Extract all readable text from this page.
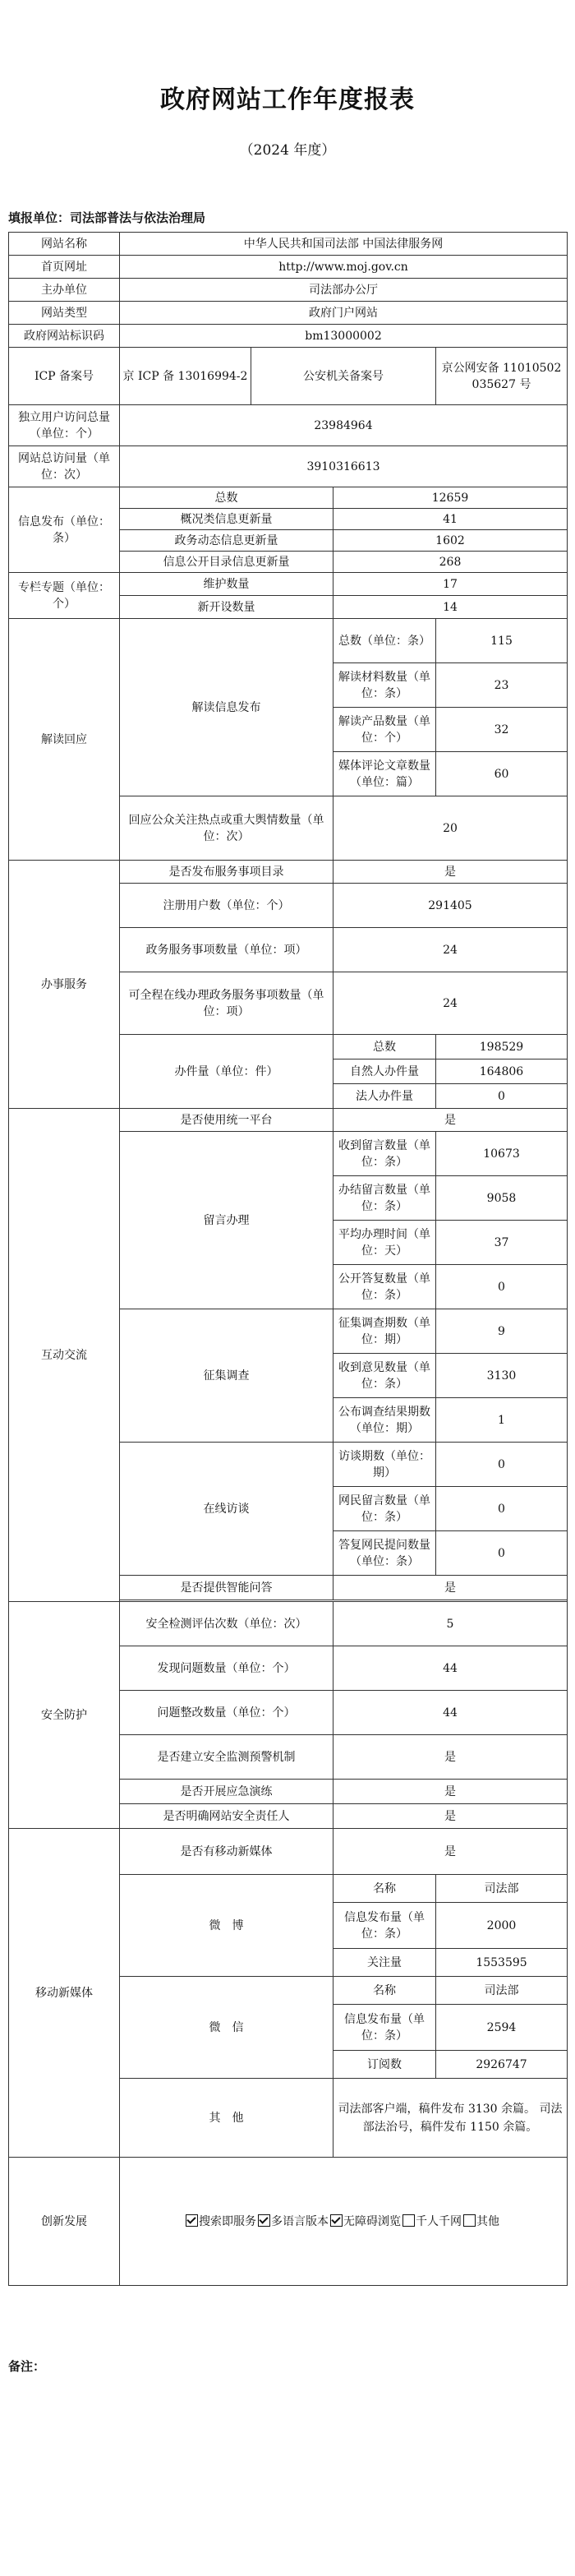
政府网站工作年度报表
（2024 年度）
填报单位：司法部普法与依法治理局
网站名称	中华人民共和国司法部 中国法律服务网			
首页网址	http://www.moj.gov.cn			
主办单位	司法部办公厅			
网站类型	政府门户网站			
政府网站标识码	bm13000002			
ICP 备案号	京 ICP 备 13016994-2	公安机关备案号		京公网安备 11010502035627 号
独立用户访问总量（单位：个）	23984964			
网站总访问量（单位：次）	3910316613			
信息发布（单位：条）	总数		12659	
	概况类信息更新量		41	
	政务动态信息更新量		1602	
	信息公开目录信息更新量		268	
专栏专题（单位：个）	维护数量		17	
	新开设数量		14	
解读回应	解读信息发布		总数（单位：条）	115
			解读材料数量（单位：条）	23
			解读产品数量（单位：个）	32
			媒体评论文章数量（单位：篇）	60
	回应公众关注热点或重大舆情数量（单位：次）		20	
办事服务	是否发布服务事项目录		是	
	注册用户数（单位：个）		291405	
	政务服务事项数量（单位：项）		24	
	可全程在线办理政务服务事项数量（单位：项）		24	
	办件量（单位：件）		总数	198529
			自然人办件量	164806
			法人办件量	0
互动交流	是否使用统一平台		是	
	留言办理		收到留言数量（单位：条）	10673
			办结留言数量（单位：条）	9058
			平均办理时间（单位：天）	37
			公开答复数量（单位：条）	0
	征集调查		征集调查期数（单位：期）	9
			收到意见数量（单位：条）	3130
			公布调查结果期数（单位：期）	1
	在线访谈		访谈期数（单位：期）	0
			网民留言数量（单位：条）	0
			答复网民提问数量（单位：条）	0
	是否提供智能问答		是	

安全防护	安全检测评估次数（单位：次）		5	
	发现问题数量（单位：个）		44	
	问题整改数量（单位：个）		44	
	是否建立安全监测预警机制		是	
	是否开展应急演练		是	
	是否明确网站安全责任人		是	
移动新媒体	是否有移动新媒体		是	
	微　博		名称	司法部
			信息发布量（单位：条）	2000
			关注量	1553595
	微　信		名称	司法部
			信息发布量（单位：条）	2594
			订阅数	2926747
	其　他		司法部客户端，稿件发布 3130 余篇。 司法部法治号，稿件发布 1150 余篇。	
创新发展	搜索即服务 多语言版本 无障碍浏览 千人千网 其他			
备注：
